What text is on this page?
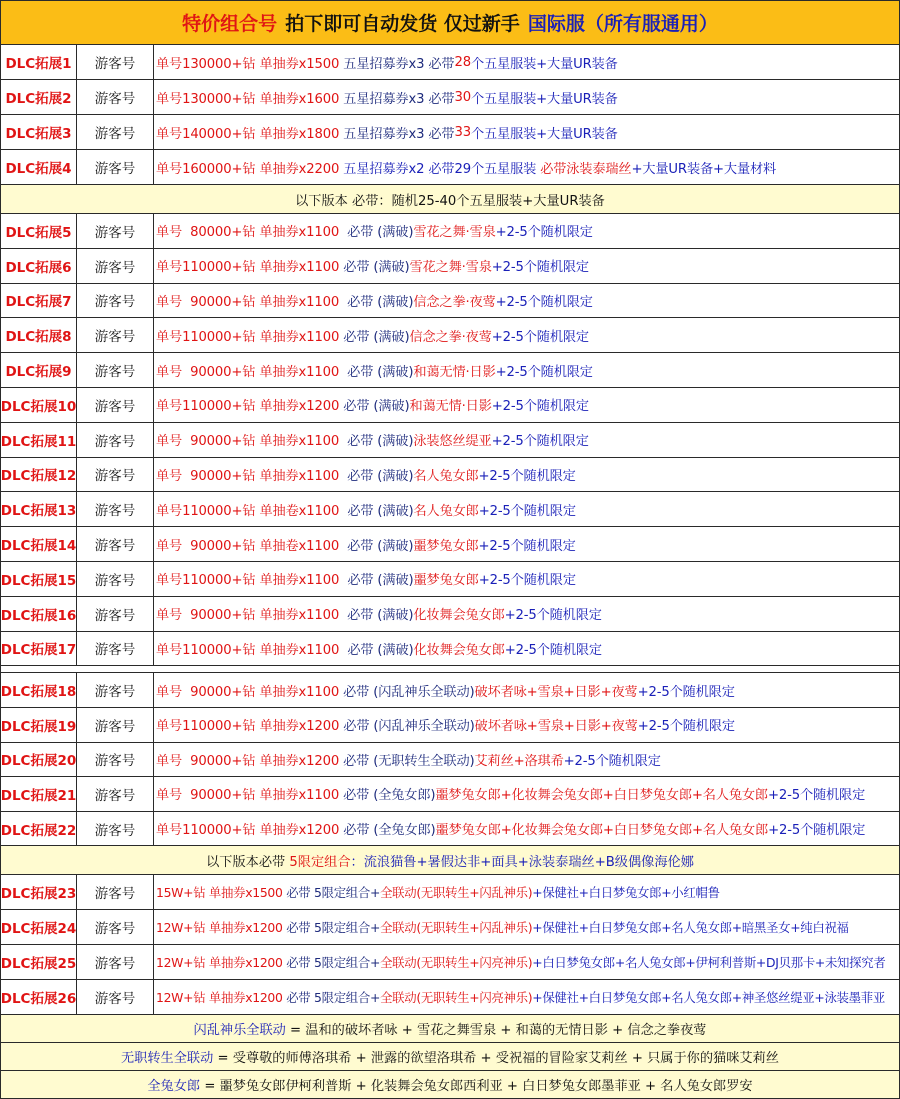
特价组合号 拍下即可自动发货 仅过新手 国际服（所有服通用）
DLC拓展1	游客号	单号130000+钻 单抽券x1500 五星招募券x3 必带 28 个五星服装+大量UR装备
DLC拓展2	游客号	单号130000+钻 单抽券x1600 五星招募券x3 必带 30 个五星服装+大量UR装备
DLC拓展3	游客号	单号140000+钻 单抽券x1800 五星招募券x3 必带 33 个五星服装+大量UR装备
DLC拓展4	游客号	单号160000+钻 单抽券x2200 五星招募券x2 必带29个五星服装 必带泳装泰瑞丝 +大量UR装备+大量材料
以下版本 必带：随机25-40个五星服装+大量UR装备
DLC拓展5	游客号	单号  80000+钻 单抽券x1100 必带 (满破) 雪花之舞·雪泉 +2-5个随机限定
DLC拓展6	游客号	单号110000+钻 单抽券x1100 必带 (满破) 雪花之舞·雪泉 +2-5个随机限定
DLC拓展7	游客号	单号  90000+钻 单抽券x1100 必带 (满破) 信念之拳·夜莺 +2-5个随机限定
DLC拓展8	游客号	单号110000+钻 单抽券x1100 必带 (满破) 信念之拳·夜莺 +2-5个随机限定
DLC拓展9	游客号	单号  90000+钻 单抽券x1100 必带 (满破) 和蔼无情·日影 +2-5个随机限定
DLC拓展10	游客号	单号110000+钻 单抽券x1200 必带 (满破) 和蔼无情·日影 +2-5个随机限定
DLC拓展11	游客号	单号  90000+钻 单抽券x1100 必带 (满破) 泳装悠丝缇亚 +2-5个随机限定
DLC拓展12	游客号	单号  90000+钻 单抽券x1100 必带 (满破) 名人兔女郎 +2-5个随机限定
DLC拓展13	游客号	单号110000+钻 单抽卷x1100 必带 (满破) 名人兔女郎 +2-5个随机限定
DLC拓展14	游客号	单号  90000+钻 单抽卷x1100 必带 (满破) 噩梦兔女郎 +2-5个随机限定
DLC拓展15	游客号	单号110000+钻 单抽券x1100 必带 (满破) 噩梦兔女郎 +2-5个随机限定
DLC拓展16	游客号	单号  90000+钻 单抽券x1100 必带 (满破) 化妆舞会兔女郎 +2-5个随机限定
DLC拓展17	游客号	单号110000+钻 单抽券x1100 必带 (满破) 化妆舞会兔女郎 +2-5个随机限定
DLC拓展18	游客号	单号  90000+钻 单抽券x1100 必带 (闪乱神乐全联动) 破坏者咏+雪泉+日影+夜莺 +2-5个随机限定
DLC拓展19	游客号	单号110000+钻 单抽券x1200 必带 (闪乱神乐全联动) 破坏者咏+雪泉+日影+夜莺 +2-5个随机限定
DLC拓展20	游客号	单号  90000+钻 单抽券x1200 必带 (无职转生全联动) 艾莉丝+洛琪希 +2-5个随机限定
DLC拓展21	游客号	单号  90000+钻 单抽券x1100 必带 (全兔女郎) 噩梦兔女郎+化妆舞会兔女郎+白日梦兔女郎+名人兔女郎 +2-5个随机限定
DLC拓展22	游客号	单号110000+钻 单抽券x1200 必带 (全兔女郎) 噩梦兔女郎+化妆舞会兔女郎+白日梦兔女郎+名人兔女郎 +2-5个随机限定
以下版本必带 5限定组合 ：流浪猫鲁+暑假达非+面具+泳装泰瑞丝+B级偶像海伦娜
DLC拓展23	游客号	15W+钻 单抽券x1500 必带 5限定组合+ 全联动(无职转生+闪乱神乐) +保健社+白日梦兔女郎+小红帽鲁
DLC拓展24	游客号	12W+钻 单抽券x1200 必带 5限定组合+ 全联动(无职转生+闪乱神乐) +保健社+白日梦兔女郎+名人兔女郎+暗黑圣女+纯白祝福
DLC拓展25	游客号	12W+钻 单抽券x1200 必带 5限定组合+ 全联动(无职转生+闪亮神乐) +白日梦兔女郎+名人兔女郎+伊柯利普斯+DJ贝那卡+未知探究者
DLC拓展26	游客号	12W+钻 单抽券x1200 必带 5限定组合+ 全联动(无职转生+闪亮神乐) +保健社+白日梦兔女郎+名人兔女郎+神圣悠丝缇亚+泳装墨菲亚
闪乱神乐全联动 = 温和的破坏者咏 + 雪花之舞雪泉 + 和蔼的无情日影 + 信念之拳夜莺
无职转生全联动 = 受尊敬的师傅洛琪希 + 泄露的欲望洛琪希 + 受祝福的冒险家艾莉丝 + 只属于你的猫咪艾莉丝
全兔女郎 = 噩梦兔女郎伊柯利普斯 + 化装舞会兔女郎西利亚 + 白日梦兔女郎墨菲亚 + 名人兔女郎罗安
